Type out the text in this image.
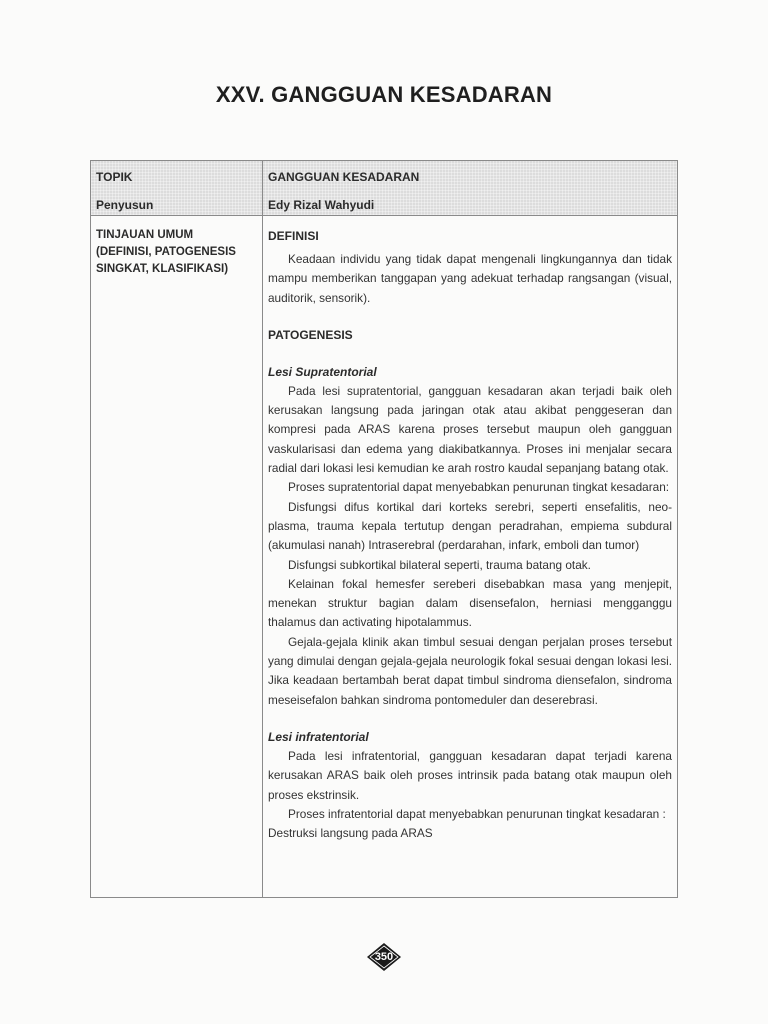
XXV. GANGGUAN KESADARAN
TOPIK	GANGGUAN KESADARAN
Penyusun	Edy Rizal Wahyudi
TINJAUAN UMUM
(DEFINISI, PATOGENESIS
SINGKAT, KLASIFIKASI)
DEFINISI

Keadaan individu yang tidak dapat mengenali lingkungannya dan tidak mampu memberikan tanggapan yang adekuat terhadap rangsangan (visual, auditorik, sensorik).

PATOGENESIS
Lesi Supratentorial

Pada lesi supratentorial, gangguan kesadaran akan terjadi baik oleh kerusakan langsung pada jaringan otak atau akibat penggeseran dan kompresi pada ARAS karena proses tersebut maupun oleh gangguan vaskularisasi dan edema yang diakibatkannya. Proses ini menjalar secara radial dari lokasi lesi kemudian ke arah rostro kaudal sepanjang batang otak.

Proses supratentorial dapat menyebabkan penurunan tingkat kesadaran:

Disfungsi difus kortikal dari korteks serebri, seperti ensefalitis, neo-plasma, trauma kepala tertutup dengan peradrahan, empiema subdural (akumulasi nanah) Intraserebral (perdarahan, infark, emboli dan tumor)

Disfungsi subkortikal bilateral seperti, trauma batang otak.

Kelainan fokal hemesfer sereberi disebabkan masa yang menjepit, menekan struktur bagian dalam disensefalon, herniasi mengganggu thalamus dan activating hipotalammus.

Gejala-gejala klinik akan timbul sesuai dengan perjalan proses tersebut yang dimulai dengan gejala-gejala neurologik fokal sesuai dengan lokasi lesi. Jika keadaan bertambah berat dapat timbul sindroma diensefalon, sindroma meseisefalon bahkan sindroma pontomeduler dan deserebrasi.

Lesi infratentorial

Pada lesi infratentorial, gangguan kesadaran dapat terjadi karena kerusakan ARAS baik oleh proses intrinsik pada batang otak maupun oleh proses ekstrinsik.

Proses infratentorial dapat menyebabkan penurunan tingkat kesadaran :

Destruksi langsung pada ARAS

350
